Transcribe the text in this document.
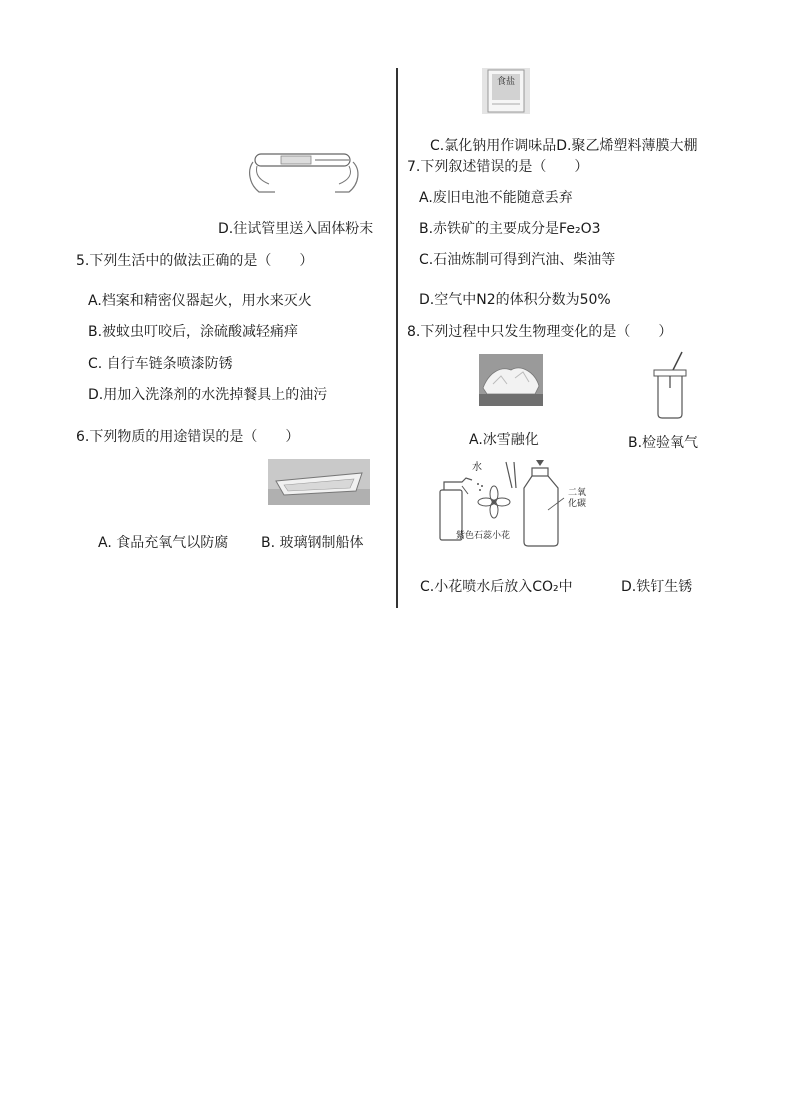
D.往试管里送入固体粉末
5.下列生活中的做法正确的是（　　）
A.档案和精密仪器起火，用水来灭火
B.被蚊虫叮咬后，涂硫酸减轻痛痒
C. 自行车链条喷漆防锈
D.用加入洗涤剂的水洗掉餐具上的油污
6.下列物质的用途错误的是（　　）
A. 食品充氧气以防腐 B. 玻璃钢制船体
食盐
C.氯化钠用作调味品D.聚乙烯塑料薄膜大棚
7.下列叙述错误的是（　　）
A.废旧电池不能随意丢弃
B.赤铁矿的主要成分是Fe₂O3
C.石油炼制可得到汽油、柴油等
D.空气中N2的体积分数为50%
8.下列过程中只发生物理变化的是（　　）
A.冰雪融化	B.检验氧气
水
紫色石蕊小花
二氧化碳
C.小花喷水后放入CO₂中	D.铁钉生锈
